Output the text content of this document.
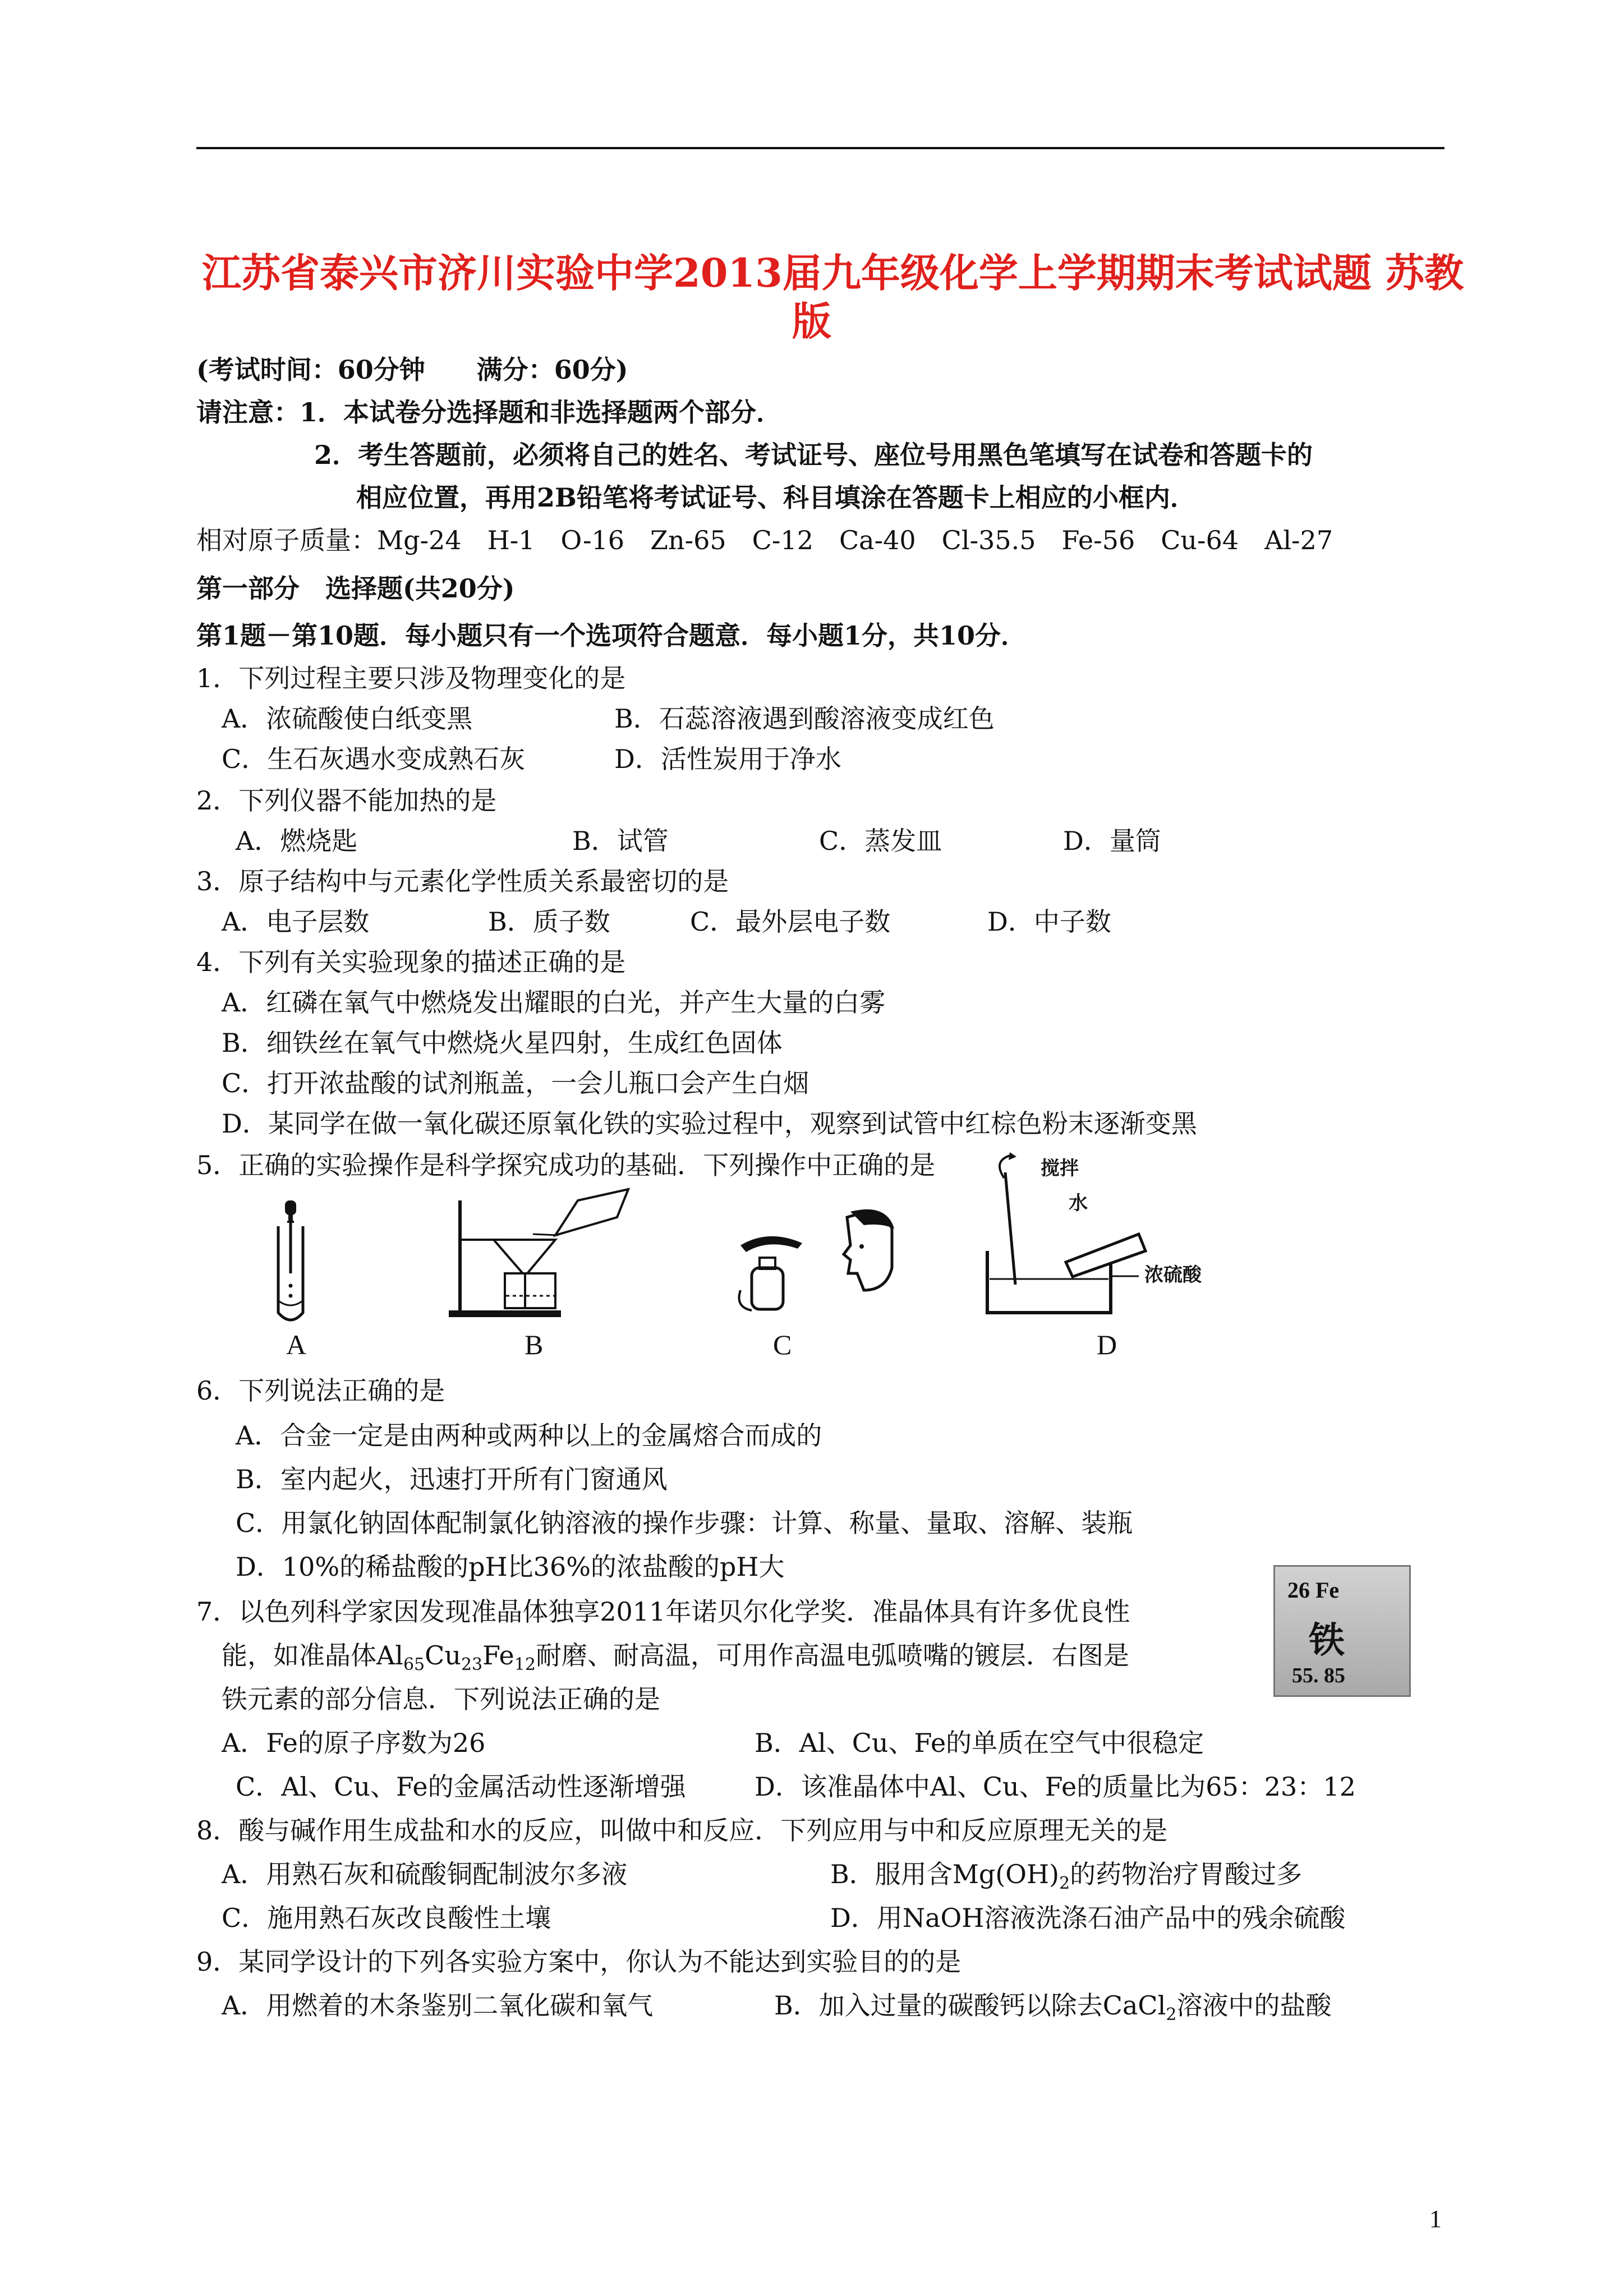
江苏省泰兴市济川实验中学2013届九年级化学上学期期末考试试题 苏教
版
(考试时间：60分钟　　满分：60分)
请注意：1．本试卷分选择题和非选择题两个部分．
2．考生答题前，必须将自己的姓名、考试证号、座位号用黑色笔填写在试卷和答题卡的
相应位置，再用2B铅笔将考试证号、科目填涂在答题卡上相应的小框内．
相对原子质量：Mg-24　H-1　O-16　Zn-65　C-12　Ca-40　Cl-35.5　Fe-56　Cu-64　Al-27
第一部分　选择题(共20分)
第1题－第10题．每小题只有一个选项符合题意．每小题1分，共10分．
1．下列过程主要只涉及物理变化的是
A．浓硫酸使白纸变黑	B．石蕊溶液遇到酸溶液变成红色
C．生石灰遇水变成熟石灰	D．活性炭用于净水
2．下列仪器不能加热的是
A．燃烧匙	B．试管	C．蒸发皿	D．量筒
3．原子结构中与元素化学性质关系最密切的是
A．电子层数	B．质子数	C．最外层电子数	D．中子数
4．下列有关实验现象的描述正确的是
A．红磷在氧气中燃烧发出耀眼的白光，并产生大量的白雾
B．细铁丝在氧气中燃烧火星四射，生成红色固体
C．打开浓盐酸的试剂瓶盖，一会儿瓶口会产生白烟
D．某同学在做一氧化碳还原氧化铁的实验过程中，观察到试管中红棕色粉末逐渐变黑
5．正确的实验操作是科学探究成功的基础．下列操作中正确的是
A	B	C
搅拌
水
浓硫酸
D
6．下列说法正确的是
A．合金一定是由两种或两种以上的金属熔合而成的
B．室内起火，迅速打开所有门窗通风
C．用氯化钠固体配制氯化钠溶液的操作步骤：计算、称量、量取、溶解、装瓶
D．10%的稀盐酸的pH比36%的浓盐酸的pH大
7．以色列科学家因发现准晶体独享2011年诺贝尔化学奖．准晶体具有许多优良性
能，如准晶体$Al_{65}Cu_{23}Fe_{12}$耐磨、耐高温，可用作高温电弧喷嘴的镀层．右图是
铁元素的部分信息．下列说法正确的是
26 Fe
铁
55. 85
A．Fe的原子序数为26	B．Al、Cu、Fe的单质在空气中很稳定
C．Al、Cu、Fe的金属活动性逐渐增强	D．该准晶体中Al、Cu、Fe的质量比为65：23：12
8．酸与碱作用生成盐和水的反应，叫做中和反应．下列应用与中和反应原理无关的是
A．用熟石灰和硫酸铜配制波尔多液	B．服用含$Mg(OH)_2$的药物治疗胃酸过多
C．施用熟石灰改良酸性土壤	D．用NaOH溶液洗涤石油产品中的残余硫酸
9．某同学设计的下列各实验方案中，你认为不能达到实验目的的是
A．用燃着的木条鉴别二氧化碳和氧气	B．加入过量的碳酸钙以除去CaCl$_2$溶液中的盐酸
1
